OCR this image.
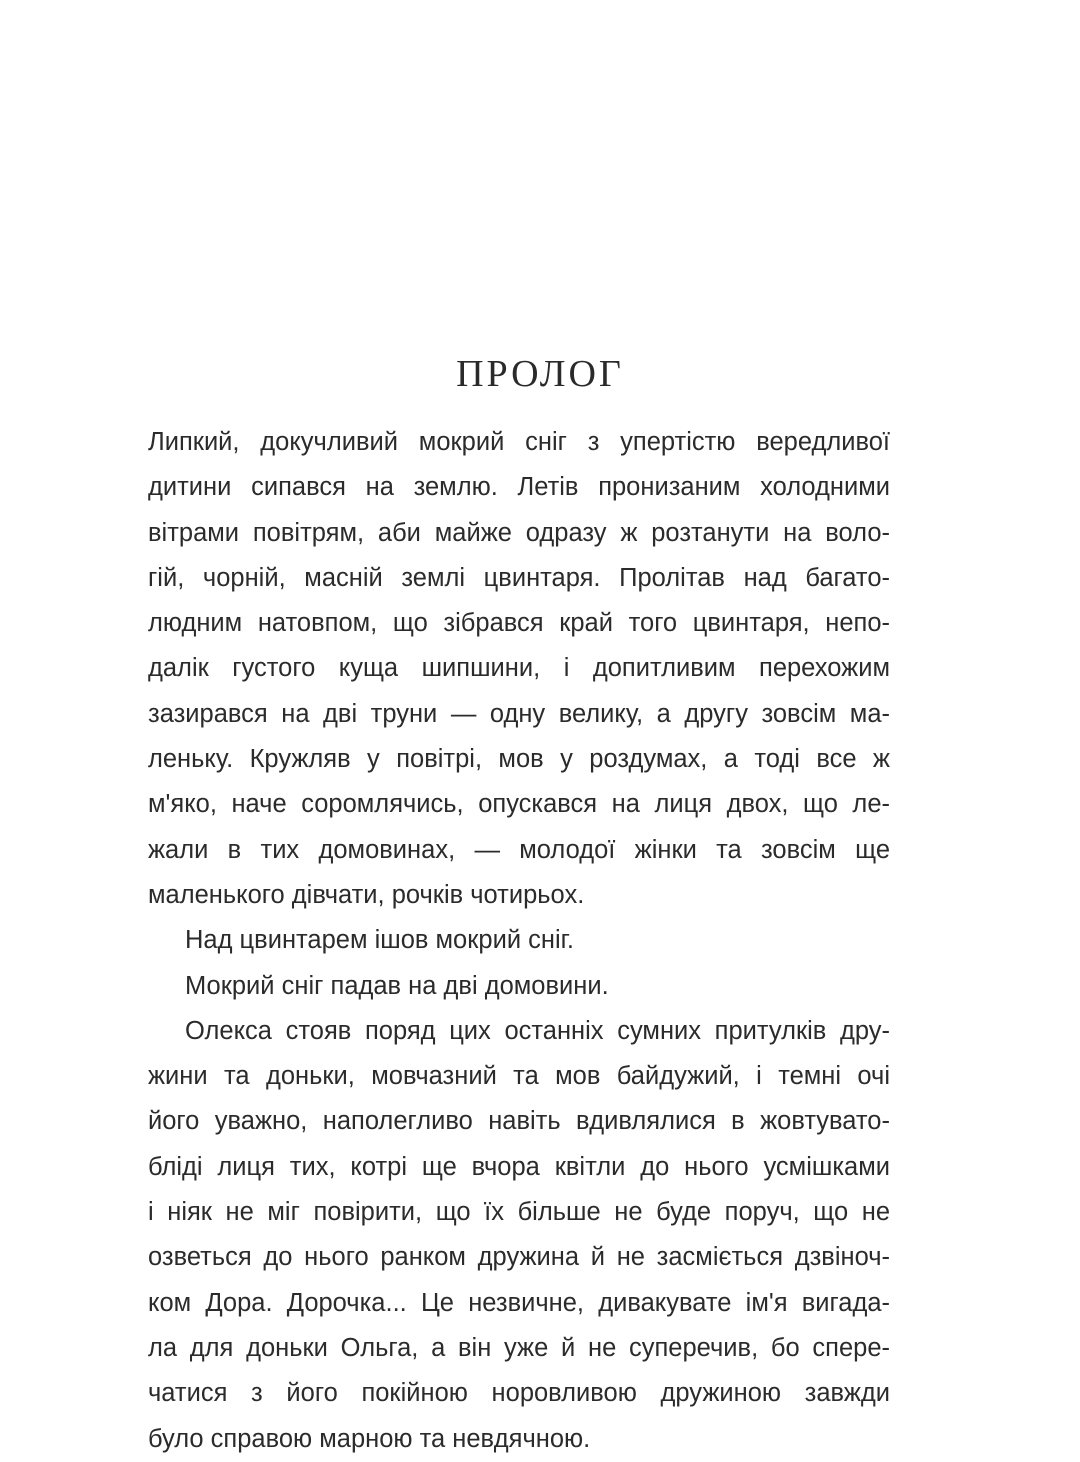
ПРОЛОГ
Липкий, докучливий мокрий сніг з упертістю вередливої
дитини сипався на землю. Летів пронизаним холодними
вітрами повітрям, аби майже одразу ж розтанути на воло-
гій, чорній, масній землі цвинтаря. Пролітав над багато-
людним натовпом, що зібрався край того цвинтаря, непо-
далік густого куща шипшини, і допитливим перехожим
зазирався на дві труни — одну велику, а другу зовсім ма-
леньку. Кружляв у повітрі, мов у роздумах, а тоді все ж
м'яко, наче соромлячись, опускався на лиця двох, що ле-
жали в тих домовинах, — молодої жінки та зовсім ще
маленького дівчати, рочків чотирьох.
Над цвинтарем ішов мокрий сніг.
Мокрий сніг падав на дві домовини.
Олекса стояв поряд цих останніх сумних притулків дру-
жини та доньки, мовчазний та мов байдужий, і темні очі
його уважно, наполегливо навіть вдивлялися в жовтувато-
бліді лиця тих, котрі ще вчора квітли до нього усмішками
і ніяк не міг повірити, що їх більше не буде поруч, що не
озветься до нього ранком дружина й не засміється дзвіноч-
ком Дора. Дорочка... Це незвичне, дивакувате ім'я вигада-
ла для доньки Ольга, а він уже й не суперечив, бо спере-
чатися з його покійною норовливою дружиною завжди
було справою марною та невдячною.
